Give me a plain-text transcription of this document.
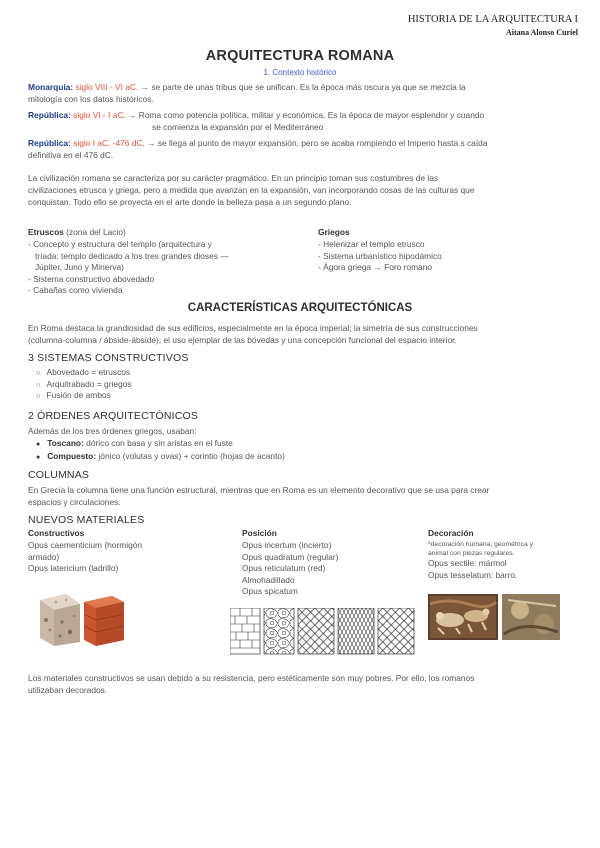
HISTORIA DE LA ARQUITECTURA I
Aitana Alonso Curiel
ARQUITECTURA ROMANA
1. Contexto histórico
Monarquía: siglo VIII - VI aC. → se parte de unas tribus que se unifican. Es la época más oscura ya que se mezcla la
mitología con los datos históricos.
República: siglo VI - I aC. → Roma como potencia política, militar y económica. Es la época de mayor esplendor y cuando
se comienza la expansión por el Mediterráneo
República: siglo I aC. -476 dC. → se llega al punto de mayor expansión, pero se acaba rompiendo el Imperio hasta s caída
definitiva en el 476 dC.
La civilización romana se caracteriza por su carácter pragmático. En un principio toman sus costumbres de las
civilizaciones etrusca y griega, pero a medida que avanzan en la expansión, van incorporando cosas de las culturas que
conquistan. Todo ello se proyecta en el arte donde la belleza pasa a un segundo plano.
Etruscos (zona del Lacio)
- Concepto y estructura del templo (arquitectura y
tríada: templo dedicado a los tres grandes dioses —
Júpiter, Juno y Minerva)
- Sistema constructivo abovedado
- Cabañas como vivienda
Griegos
- Helenizar el templo etrusco
- Sistema urbanístico hipodámico
- Ágora griega → Foro romano
CARACTERÍSTICAS ARQUITECTÓNICAS
En Roma destaca la grandiosidad de sus edificios, especialmente en la época imperial; la simetría de sus construcciones
(columna-columna / ábside-ábside); el uso ejemplar de las bóvedas y una concepción funcional del espacio interior.
3 SISTEMAS CONSTRUCTIVOS
○ Abovedado = etruscos
○ Arquitrabado = griegos
○ Fusión de ambos
2 ÓRDENES ARQUITECTÓNICOS
Además de los tres órdenes griegos, usaban:
● Toscano: dórico con basa y sin aristas en el fuste
● Compuesto: jónico (volutas y ovas) + corintio (hojas de acanto)
COLUMNAS
En Grecia la columna tiene una función estructural, mientras que en Roma es un elemento decorativo que se usa para crear
espacios y circulaciones.
NUEVOS MATERIALES
Constructivos
Opus caementicium (hormigón
armado)
Opus latericium (ladrillo)
Posición
Opus incertum (incierto)
Opus quadratum (regular)
Opus reticulatum (red)
Almohadillado
Opus spicatum
Decoración
*decoración humana, geométrica y
animal con piezas regulares.
Opus sectile: mármol
Opus tesselatum: barro.
Los materiales constructivos se usan debido a su resistencia, pero estéticamente son muy pobres. Por ello, los romanos
utilizaban decorados.
